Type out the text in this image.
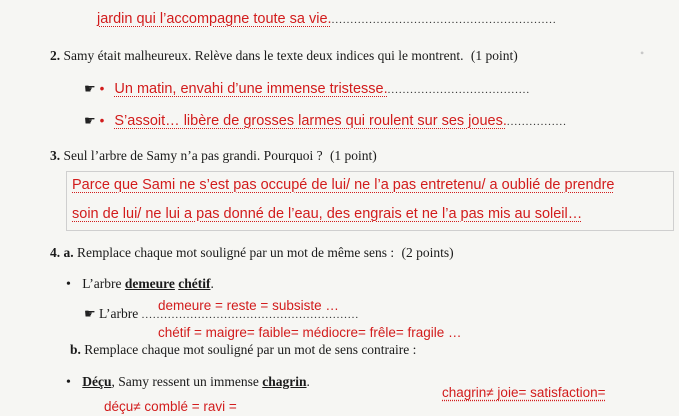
•
jardin qui l’accompagne toute sa vie.............................................................
2. Samy était malheureux. Relève dans le texte deux indices qui le montrent. (1 point)
☛ • Un matin, envahi d’une immense tristesse.......................................
☛ • S’assoit… libère de grosses larmes qui roulent sur ses joues.................
3. Seul l’arbre de Samy n’a pas grandi. Pourquoi ? (1 point)
Parce que Sami ne s’est pas occupé de lui/ ne l’a pas entretenu/ a oublié de prendre
soin de lui/ ne lui a pas donné de l’eau, des engrais et ne l’a pas mis au soleil…
4. a. Remplace chaque mot souligné par un mot de même sens : (2 points)
• L’arbre demeure chétif.
demeure = reste = subsiste …
☛ L’arbre ..........................................................
chétif = maigre= faible= médiocre= frêle= fragile …
b. Remplace chaque mot souligné par un mot de sens contraire :
• Déçu, Samy ressent un immense chagrin.
chagrin≠ joie= satisfaction=
déçu≠ comblé = ravi =
